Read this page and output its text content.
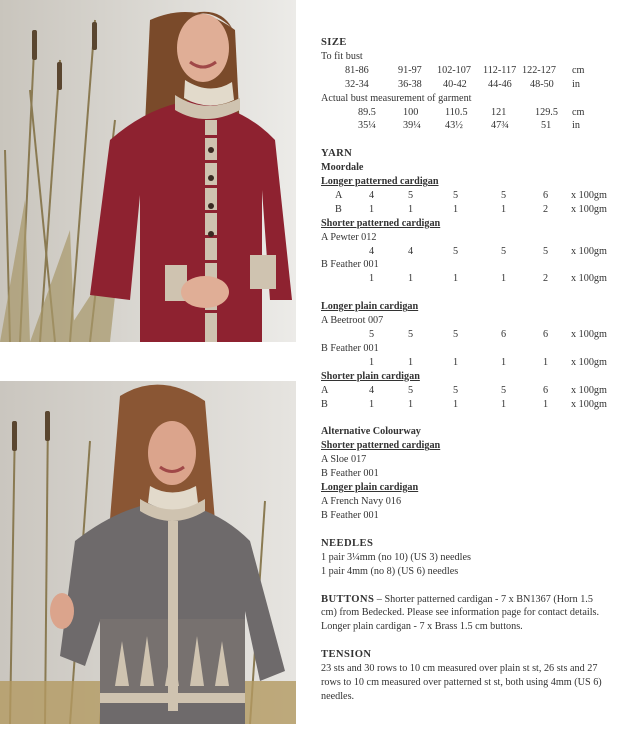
SIZE
To fit bust
81-86	91-97 102-107 112-117 122-127 cm
32-34	36-38 40-42 44-46 48-50 in
Actual bust measurement of garment
89.5	100	110.5 121	129.5 cm
35¼	39¼ 43½	47¾	51 in
YARN
Moordale
Longer patterned cardigan
A	4	5	5	5	6 x 100gm
B	1	1	1	1	2 x 100gm
Shorter patterned cardigan
A Pewter 012
4	4	5	5	5 x 100gm
B Feather 001
1	1	1	1	2 x 100gm
Longer plain cardigan
A Beetroot 007
5	5	5	6	6 x 100gm
B Feather 001
1	1	1	1	1 x 100gm
Shorter plain cardigan
A	4	5	5	5	6 x 100gm
B	1	1	1	1	1 x 100gm
Alternative Colourway
Shorter patterned cardigan
A Sloe 017
B Feather 001
Longer plain cardigan
A French Navy 016
B Feather 001
NEEDLES
1 pair 3¼mm (no 10) (US 3) needles
1 pair 4mm (no 8) (US 6) needles
BUTTONS – Shorter patterned cardigan - 7 x BN1367 (Horn 1.5 cm) from Bedecked. Please see information page for contact details. Longer plain cardigan - 7 x Brass 1.5 cm buttons.
TENSION
23 sts and 30 rows to 10 cm measured over plain st st, 26 sts and 27 rows to 10 cm measured over patterned st st, both using 4mm (US 6) needles.
